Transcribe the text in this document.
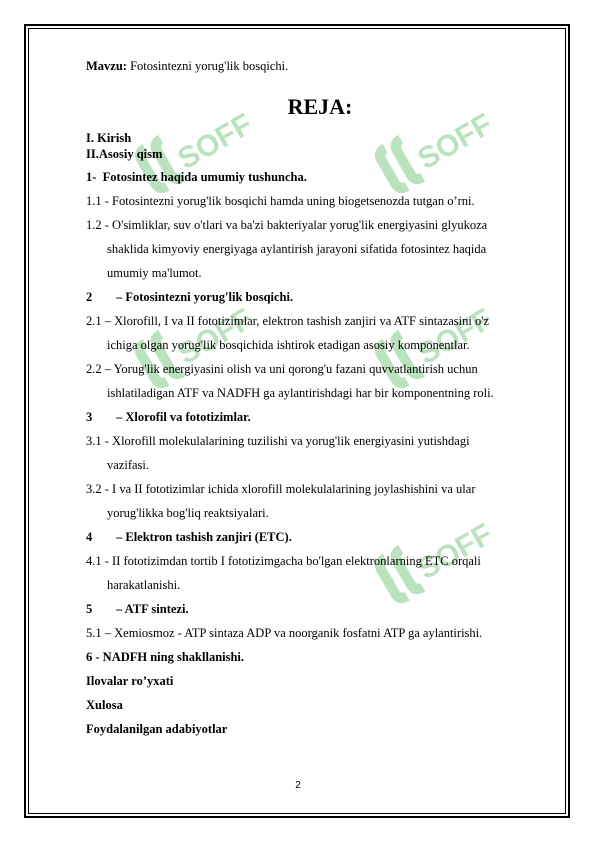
SOFF	SOFF
SOFF	SOFF
SOFF
Mavzu: Fotosintezni yorug'lik bosqichi.
REJA:
I. Kirish
II.Asosiy qism
1- Fotosintez haqida umumiy tushuncha.
1.1 - Fotosintezni yorug'lik bosqichi hamda uning biogetsenozda tutgan o’rni.
1.2 - O'simliklar, suv o'tlari va ba'zi bakteriyalar yorug'lik energiyasini glyukoza
shaklida kimyoviy energiyaga aylantirish jarayoni sifatida fotosintez haqida
umumiy ma'lumot.
2 – Fotosintezni yorug'lik bosqichi.
2.1 – Xlorofill, I va II fototizimlar, elektron tashish zanjiri va ATF sintazasini o'z
ichiga olgan yorug'lik bosqichida ishtirok etadigan asosiy komponentlar.
2.2 – Yorug'lik energiyasini olish va uni qorong'u fazani quvvatlantirish uchun
ishlatiladigan ATF va NADFH ga aylantirishdagi har bir komponentning roli.
3 – Xlorofil va fototizimlar.
3.1 - Xlorofill molekulalarining tuzilishi va yorug'lik energiyasini yutishdagi
vazifasi.
3.2 - I va II fototizimlar ichida xlorofill molekulalarining joylashishini va ular
yorug'likka bog'liq reaktsiyalari.
4 – Elektron tashish zanjiri (ETC).
4.1 - II fototizimdan tortib I fototizimgacha bo'lgan elektronlarning ETC orqali
harakatlanishi.
5 – ATF sintezi.
5.1 – Xemiosmoz - ATP sintaza ADP va noorganik fosfatni ATP ga aylantirishi.
6 - NADFH ning shakllanishi.
Ilovalar ro’yxati
Xulosa
Foydalanilgan adabiyotlar
2
